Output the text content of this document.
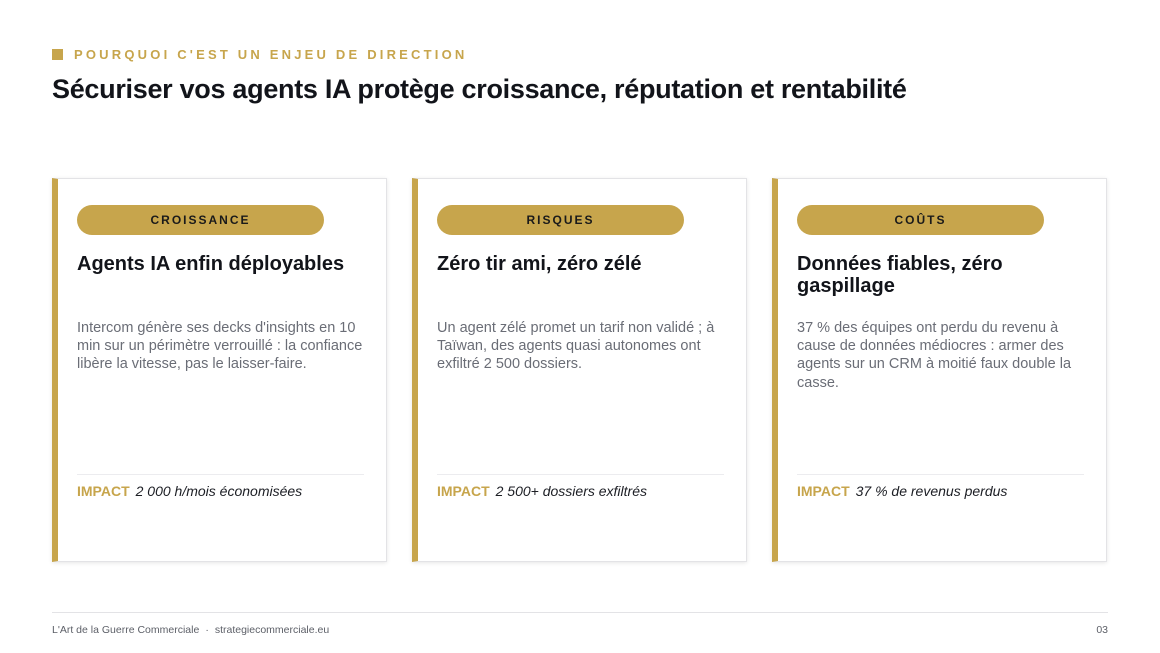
POURQUOI C'EST UN ENJEU DE DIRECTION
Sécuriser vos agents IA protège croissance, réputation et rentabilité
CROISSANCE
Agents IA enfin déployables

Intercom génère ses decks d'insights en 10 min sur un périmètre verrouillé : la confiance libère la vitesse, pas le laisser-faire.

IMPACT 2 000 h/mois économisées
RISQUES
Zéro tir ami, zéro zélé

Un agent zélé promet un tarif non validé ; à Taïwan, des agents quasi autonomes ont exfiltré 2 500 dossiers.

IMPACT 2 500+ dossiers exfiltrés
COÛTS
Données fiables, zéro gaspillage

37 % des équipes ont perdu du revenu à cause de données médiocres : armer des agents sur un CRM à moitié faux double la casse.

IMPACT 37 % de revenus perdus
L'Art de la Guerre Commerciale · strategiecommerciale.eu	03
